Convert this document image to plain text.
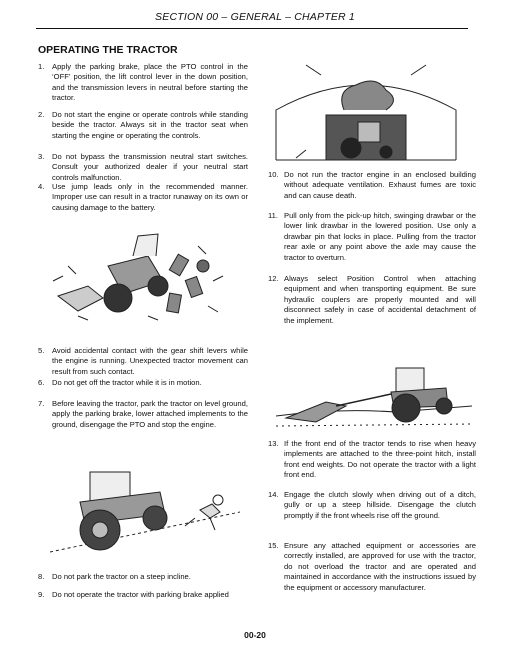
SECTION 00 – GENERAL – CHAPTER 1
OPERATING THE TRACTOR
1. Apply the parking brake, place the PTO control in the ‘OFF’ position, the lift control lever in the down position, and the transmission levers in neutral before starting the tractor.
2. Do not start the engine or operate controls while standing beside the tractor. Always sit in the tractor seat when starting the engine or operating the controls.
3. Do not bypass the transmission neutral start switches. Consult your authorized dealer if your neutral start controls malfunction.
4. Use jump leads only in the recommended manner. Improper use can result in a tractor runaway on its own or causing damage to the battery.
5. Avoid accidental contact with the gear shift levers while the engine is running. Unexpected tractor movement can result from such contact.
6. Do not get off the tractor while it is in motion.
7. Before leaving the tractor, park the tractor on level ground, apply the parking brake, lower attached implements to the ground, disengage the PTO and stop the engine.
8. Do not park the tractor on a steep incline.
9. Do not operate the tractor with parking brake applied
10. Do not run the tractor engine in an enclosed building without adequate ventilation. Exhaust fumes are toxic and can cause death.
11. Pull only from the pick-up hitch, swinging drawbar or the lower link drawbar in the lowered position. Use only a drawbar pin that locks in place. Pulling from the tractor rear axle or any point above the axle may cause the tractor to overturn.
12. Always select Position Control when attaching equipment and when transporting equipment. Be sure hydraulic couplers are properly mounted and will disconnect safely in case of accidental detachment of the implement.
13. If the front end of the tractor tends to rise when heavy implements are attached to the three-point hitch, install front end weights. Do not operate the tractor with a light front end.
14. Engage the clutch slowly when driving out of a ditch, gully or up a steep hillside. Disengage the clutch promptly if the front wheels rise off the ground.
15. Ensure any attached equipment or accessories are correctly installed, are approved for use with the tractor, do not overload the tractor and are operated and maintained in accordance with the instructions issued by the equipment or accessory manufacturer.
00-20
